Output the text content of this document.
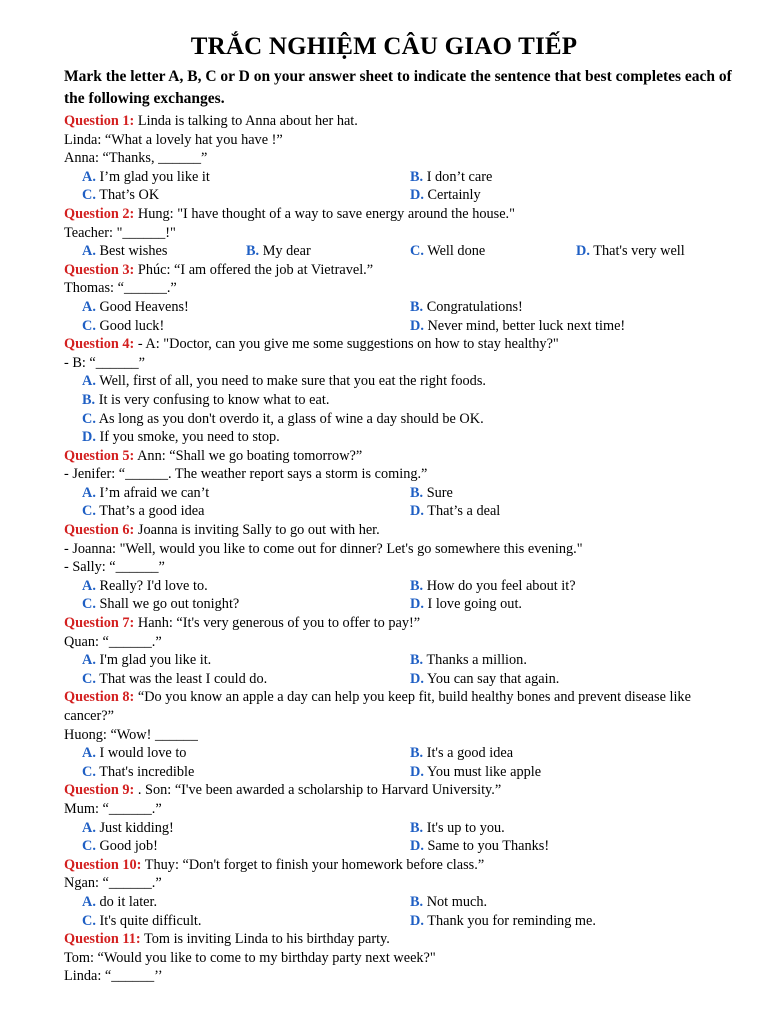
TRẮC NGHIỆM CÂU GIAO TIẾP
Mark the letter A, B, C or D on your answer sheet to indicate the sentence that best completes each of the following exchanges.
Question 1: Linda is talking to Anna about her hat.
Linda: “What a lovely hat you have !”
Anna: “Thanks, ______”
A. I’m glad you like it	B. I don’t care
C. That’s OK	D. Certainly
Question 2: Hung: "I have thought of a way to save energy around the house."
Teacher: "______!"
A. Best wishes	B. My dear	C. Well done	D. That's very well
Question 3: Phúc: “I am offered the job at Vietravel.”
Thomas: “______.”
A. Good Heavens!	B. Congratulations!
C. Good luck!	D. Never mind, better luck next time!
Question 4: - A: "Doctor, can you give me some suggestions on how to stay healthy?"
- B: “______”
A. Well, first of all, you need to make sure that you eat the right foods.
B. It is very confusing to know what to eat.
C. As long as you don't overdo it, a glass of wine a day should be OK.
D. If you smoke, you need to stop.
Question 5: Ann: “Shall we go boating tomorrow?”
- Jenifer: “______. The weather report says a storm is coming.”
A. I’m afraid we can’t	B. Sure
C. That’s a good idea	D. That’s a deal
Question 6: Joanna is inviting Sally to go out with her.
- Joanna: "Well, would you like to come out for dinner? Let's go somewhere this evening."
- Sally: “______”
A. Really? I'd love to.	B. How do you feel about it?
C. Shall we go out tonight?	D. I love going out.
Question 7: Hanh: “It's very generous of you to offer to pay!”
Quan: “______.”
A. I'm glad you like it.	B. Thanks a million.
C. That was the least I could do.	D. You can say that again.
Question 8: “Do you know an apple a day can help you keep fit, build healthy bones and prevent disease like cancer?”
Huong: “Wow! ______
A. I would love to	B. It's a good idea
C. That's incredible	D. You must like apple
Question 9: . Son: “I've been awarded a scholarship to Harvard University.”
Mum: “______.”
A. Just kidding!	B. It's up to you.
C. Good job!	D. Same to you Thanks!
Question 10: Thuy: “Don't forget to finish your homework before class.”
Ngan: “______.”
A. do it later.	B. Not much.
C. It's quite difficult.	D. Thank you for reminding me.
Question 11: Tom is inviting Linda to his birthday party.
Tom: “Would you like to come to my birthday party next week?"
Linda: “______’’
